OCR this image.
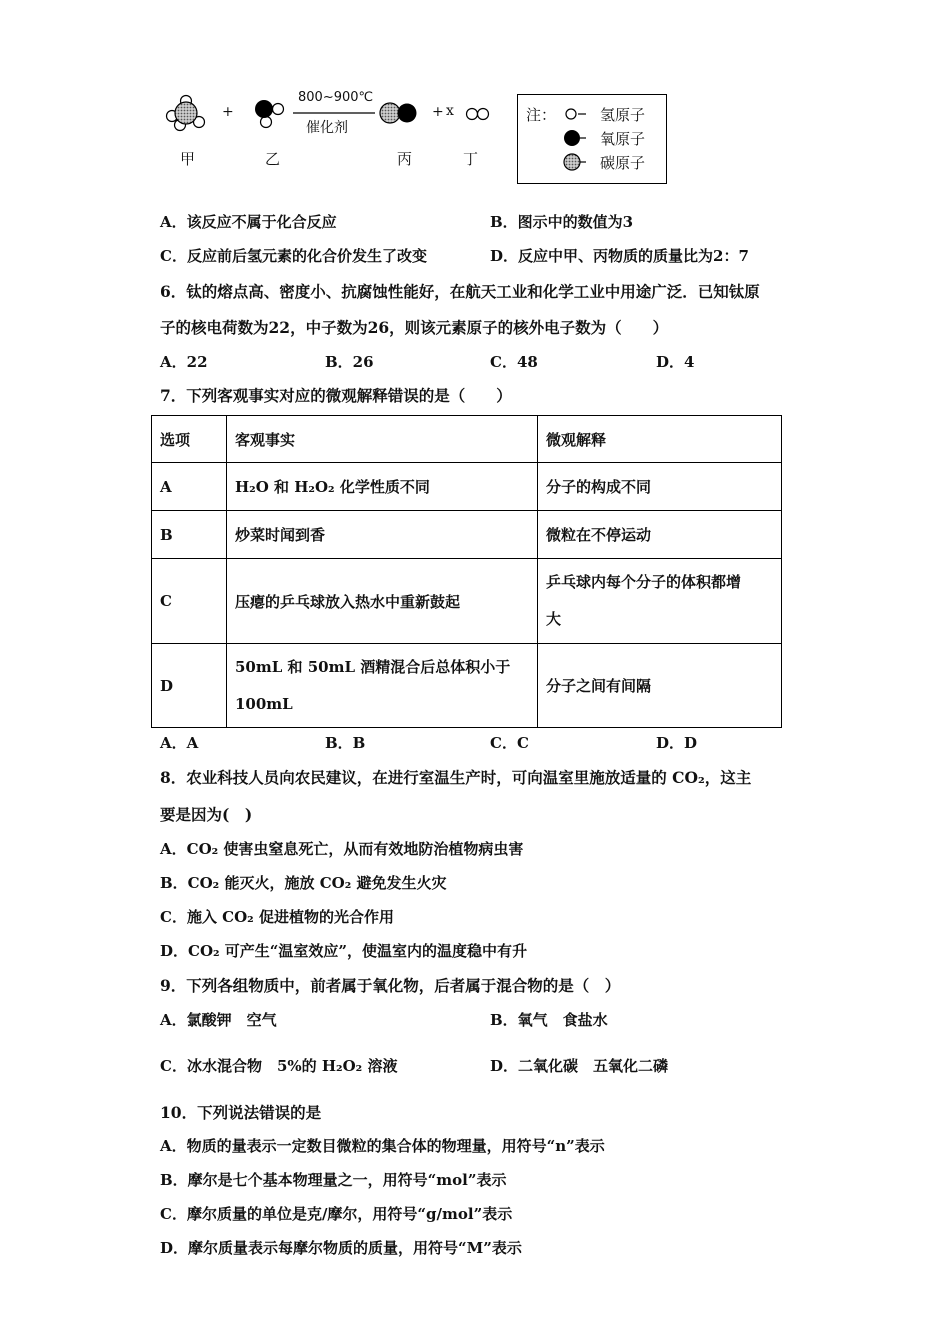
+	+ x
800~900℃
催化剂
甲	乙	丙	丁
注：	氢原子
氧原子
碳原子
A．该反应不属于化合反应	B．图示中的数值为3
C．反应前后氢元素的化合价发生了改变	D．反应中甲、丙物质的质量比为2：7
6．钛的熔点高、密度小、抗腐蚀性能好，在航天工业和化学工业中用途广泛．已知钛原
子的核电荷数为22，中子数为26，则该元素原子的核外电子数为（　　）
A．22	B．26	C．48	D．4
7．下列客观事实对应的微观解释错误的是（　　）
选项	客观事实	微观解释
A	H₂O 和 H₂O₂ 化学性质不同	分子的构成不同
B	炒菜时闻到香	微粒在不停运动
C	压瘪的乒乓球放入热水中重新鼓起	乒乓球内每个分子的体积都增
大

D	50mL 和 50mL 酒精混合后总体积小于
100mL	分子之间有间隔
A．A	B．B	C．C	D．D
8．农业科技人员向农民建议，在进行室温生产时，可向温室里施放适量的 CO₂，这主
要是因为(　)
A．CO₂ 使害虫窒息死亡，从而有效地防治植物病虫害
B．CO₂ 能灭火，施放 CO₂ 避免发生火灾
C．施入 CO₂ 促进植物的光合作用
D．CO₂ 可产生“温室效应”，使温室内的温度稳中有升
9．下列各组物质中，前者属于氧化物，后者属于混合物的是（　）
A．氯酸钾　空气	B．氧气　食盐水
C．冰水混合物　5%的 H₂O₂ 溶液	D．二氧化碳　五氧化二磷
10．下列说法错误的是
A．物质的量表示一定数目微粒的集合体的物理量，用符号“n”表示
B．摩尔是七个基本物理量之一，用符号“mol”表示
C．摩尔质量的单位是克/摩尔，用符号“g/mol”表示
D．摩尔质量表示每摩尔物质的质量，用符号“M”表示
